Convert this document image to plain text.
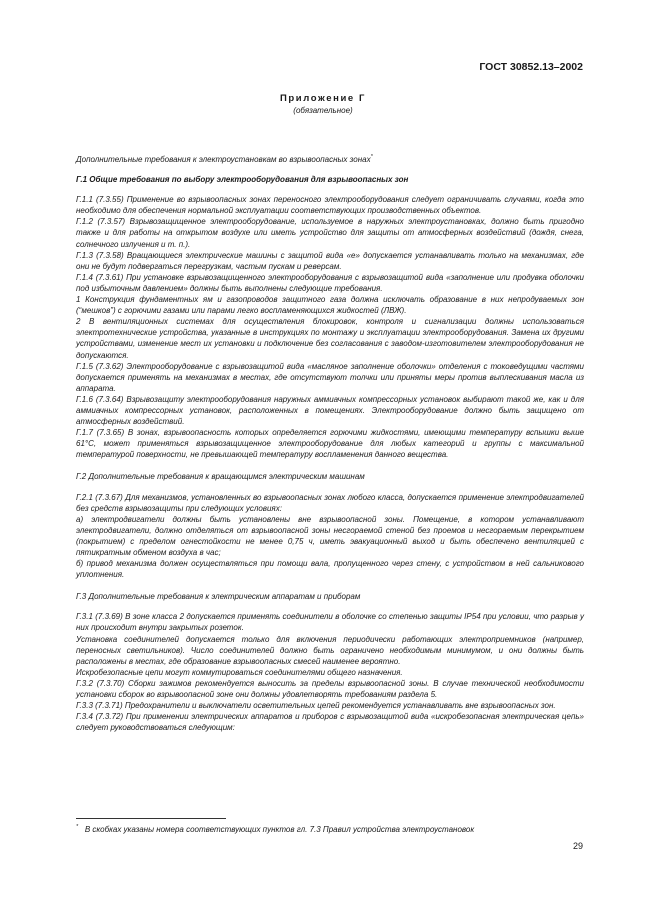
ГОСТ 30852.13–2002
Приложение Г
(обязательное)

Дополнительные требования к электроустановкам во взрывоопасных зонах*

Г.1 Общие требования по выбору электрооборудования для взрывоопасных зон

Г.1.1 (7.3.55) Применение во взрывоопасных зонах переносного электрооборудования следует ограничивать случаями, когда это необходимо для обеспечения нормальной эксплуатации соответствующих производственных объектов.

Г.1.2 (7.3.57) Взрывозащищенное электрооборудование, используемое в наружных электроустановках, должно быть пригодно также и для работы на открытом воздухе или иметь устройство для защиты от атмосферных воздействий (дождя, снега, солнечного излучения и т. п.).

Г.1.3 (7.3.58) Вращающиеся электрические машины с защитой вида «е» допускается устанавливать только на механизмах, где они не будут подвергаться перегрузкам, частым пускам и реверсам.

Г.1.4 (7.3.61) При установке взрывозащищенного электрооборудования с взрывозащитой вида «заполнение или продувка оболочки под избыточным давлением» должны быть выполнены следующие требования.

1 Конструкция фундаментных ям и газопроводов защитного газа должна исключать образование в них непродуваемых зон (“мешков”) с горючими газами или парами легко воспламеняющихся жидкостей (ЛВЖ).

2 В вентиляционных системах для осуществления блокировок, контроля и сигнализации должны использоваться электротехнические устройства, указанные в инструкциях по монтажу и эксплуатации электрооборудования. Замена их другими устройствами, изменение мест их установки и подключение без согласования с заводом-изготовителем электрооборудования не допускаются.

Г.1.5 (7.3.62) Электрооборудование с взрывозащитой вида «масляное заполнение оболочки» отделения с токоведущими частями допускается применять на механизмах в местах, где отсутствуют толчки или приняты меры против выплескивания масла из аппарата.

Г.1.6 (7.3.64) Взрывозащиту электрооборудования наружных аммиачных компрессорных установок выбирают такой же, как и для аммиачных компрессорных установок, расположенных в помещениях. Электрооборудование должно быть защищено от атмосферных воздействий.

Г.1.7 (7.3.65) В зонах, взрывоопасность которых определяется горючими жидкостями, имеющими температуру вспышки выше 61°С, может применяться взрывозащищенное электрооборудование для любых категорий и группы с максимальной температурой поверхности, не превышающей температуру воспламенения данного вещества.

Г.2 Дополнительные требования к вращающимся электрическим машинам

Г.2.1 (7.3.67) Для механизмов, установленных во взрывоопасных зонах любого класса, допускается применение электродвигателей без средств взрывозащиты при следующих условиях:

а) электродвигатели должны быть установлены вне взрывоопасной зоны. Помещение, в котором устанавливают электродвигатели, должно отделяться от взрывоопасной зоны несгораемой стеной без проемов и несгораемым перекрытием (покрытием) с пределом огнестойкости не менее 0,75 ч, иметь эвакуационный выход и быть обеспечено вентиляцией с пятикратным обменом воздуха в час;

б) привод механизма должен осуществляться при помощи вала, пропущенного через стену, с устройством в ней сальникового уплотнения.

Г.3 Дополнительные требования к электрическим аппаратам и приборам

Г.3.1 (7.3.69) В зоне класса 2 допускается применять соединители в оболочке со степенью защиты IP54 при условии, что разрыв у них происходит внутри закрытых розеток.

Установка соединителей допускается только для включения периодически работающих электроприемников (например, переносных светильников). Число соединителей должно быть ограничено необходимым минимумом, и они должны быть расположены в местах, где образование взрывоопасных смесей наименее вероятно.

Искробезопасные цепи могут коммутироваться соединителями общего назначения.

Г.3.2 (7.3.70) Сборки зажимов рекомендуется выносить за пределы взрывоопасной зоны. В случае технической необходимости установки сборок во взрывоопасной зоне они должны удовлетворять требованиям раздела 5.

Г.3.3 (7.3.71) Предохранители и выключатели осветительных цепей рекомендуется устанавливать вне взрывоопасных зон.

Г.3.4 (7.3.72) При применении электрических аппаратов и приборов с взрывозащитой вида «искробезопасная электрическая цепь» следует руководствоваться следующим:

* В скобках указаны номера соответствующих пунктов гл. 7.3 Правил устройства электроустановок
29
